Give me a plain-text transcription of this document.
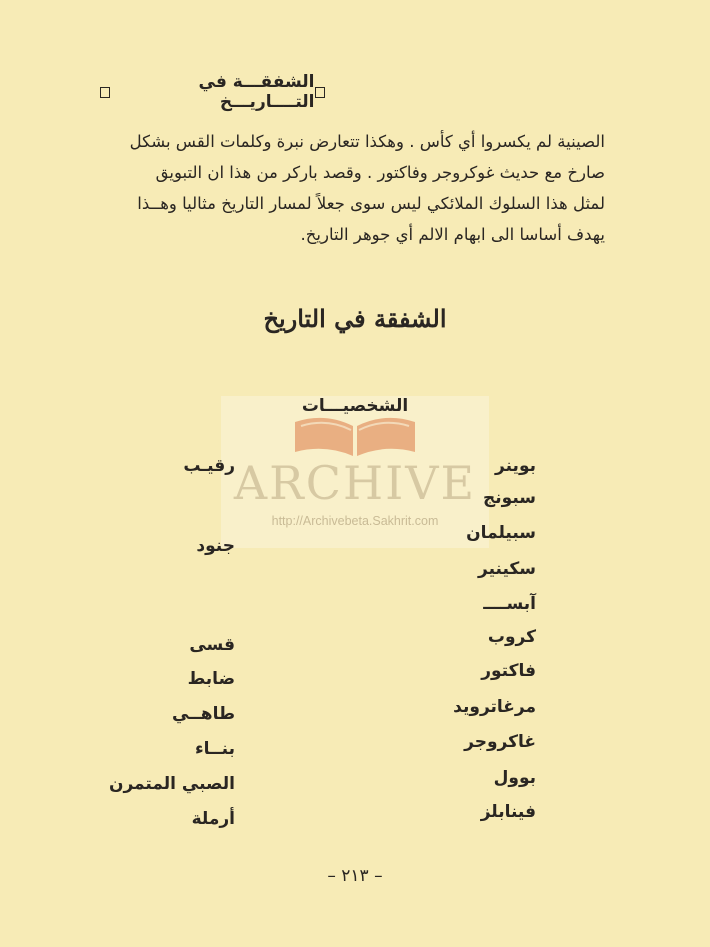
الشفقـــة في التــــاريـــخ

الصينية لم يكسروا أي كأس . وهكذا تتعارض نبرة وكلمات القس بشكل

صارخ مع حديث غوكروجر وفاكتور . وقصد باركر من هذا ان التبويق

لمثل هذا السلوك الملائكي ليس سوى جعلاً لمسار التاريخ مثاليا وهــذا

يهدف أساسا الى ابهام الالم أي جوهر التاريخ.

الشفقة في التاريخ
ARCHIVE
http://Archivebeta.Sakhrit.com
الشخصيـــات
بوينر
سبونج
سبيلمان
سكينير
آبســــ
كروب
فاكتور
مرغاترويد
غاكروجر
بوول
فينابلز
رقيـب
جنود
قسى
ضابط
طاهــي
بنــاء
الصبي المتمرن
أرملة
– ٢١٣ –
